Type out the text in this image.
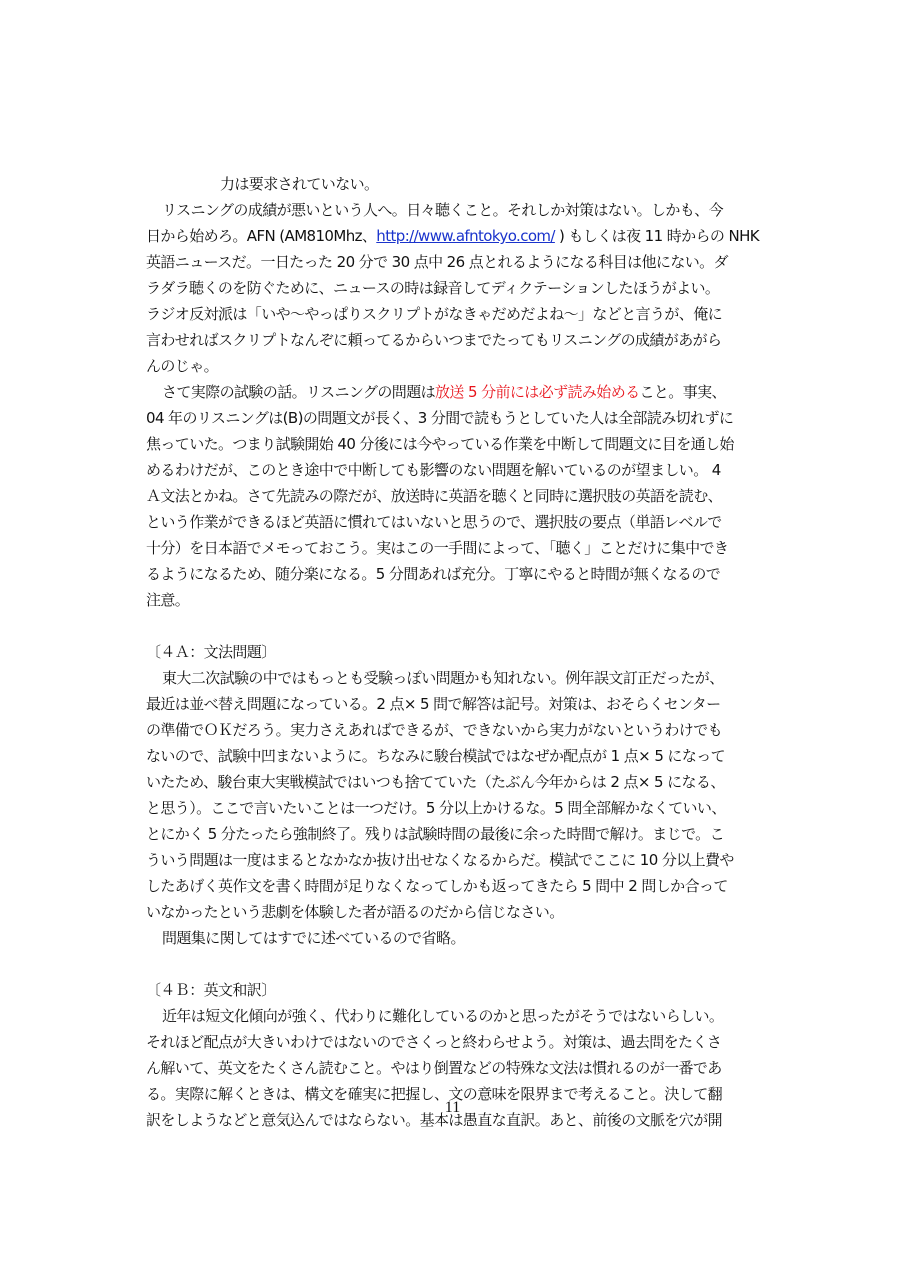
力は要求されていない。
リスニングの成績が悪いという人へ。日々聴くこと。それしか対策はない。しかも、今
日から始めろ。AFN (AM810Mhz、http://www.afntokyo.com/ ) もしくは夜 11 時からの NHK
英語ニュースだ。一日たった 20 分で 30 点中 26 点とれるようになる科目は他にない。ダ
ラダラ聴くのを防ぐために、ニュースの時は録音してディクテーションしたほうがよい。
ラジオ反対派は「いや～やっぱりスクリプトがなきゃだめだよね～」などと言うが、俺に
言わせればスクリプトなんぞに頼ってるからいつまでたってもリスニングの成績があがら
んのじゃ。
さて実際の試験の話。リスニングの問題は放送 5 分前には必ず読み始めること。事実、
04 年のリスニングは(B)の問題文が長く、3 分間で読もうとしていた人は全部読み切れずに
焦っていた。つまり試験開始 40 分後には今やっている作業を中断して問題文に目を通し始
めるわけだが、このとき途中で中断しても影響のない問題を解いているのが望ましい。 4
Ａ文法とかね。さて先読みの際だが、放送時に英語を聴くと同時に選択肢の英語を読む、
という作業ができるほど英語に慣れてはいないと思うので、選択肢の要点（単語レベルで
十分）を日本語でメモっておこう。実はこの一手間によって、「聴く」ことだけに集中でき
るようになるため、随分楽になる。5 分間あれば充分。丁寧にやると時間が無くなるので
注意。
〔４Ａ：文法問題〕
東大二次試験の中ではもっとも受験っぽい問題かも知れない。例年誤文訂正だったが、
最近は並べ替え問題になっている。2 点× 5 問で解答は記号。対策は、おそらくセンター
の準備でＯＫだろう。実力さえあればできるが、できないから実力がないというわけでも
ないので、試験中凹まないように。ちなみに駿台模試ではなぜか配点が 1 点× 5 になって
いたため、駿台東大実戦模試ではいつも捨てていた（たぶん今年からは 2 点× 5 になる、
と思う）。ここで言いたいことは一つだけ。5 分以上かけるな。5 問全部解かなくていい、
とにかく 5 分たったら強制終了。残りは試験時間の最後に余った時間で解け。まじで。こ
ういう問題は一度はまるとなかなか抜け出せなくなるからだ。模試でここに 10 分以上費や
したあげく英作文を書く時間が足りなくなってしかも返ってきたら 5 問中 2 問しか合って
いなかったという悲劇を体験した者が語るのだから信じなさい。
問題集に関してはすでに述べているので省略。
〔４Ｂ：英文和訳〕
近年は短文化傾向が強く、代わりに難化しているのかと思ったがそうではないらしい。
それほど配点が大きいわけではないのでさくっと終わらせよう。対策は、過去問をたくさ
ん解いて、英文をたくさん読むこと。やはり倒置などの特殊な文法は慣れるのが一番であ
る。実際に解くときは、構文を確実に把握し、文の意味を限界まで考えること。決して翻
訳をしようなどと意気込んではならない。基本は愚直な直訳。あと、前後の文脈を穴が開
11
